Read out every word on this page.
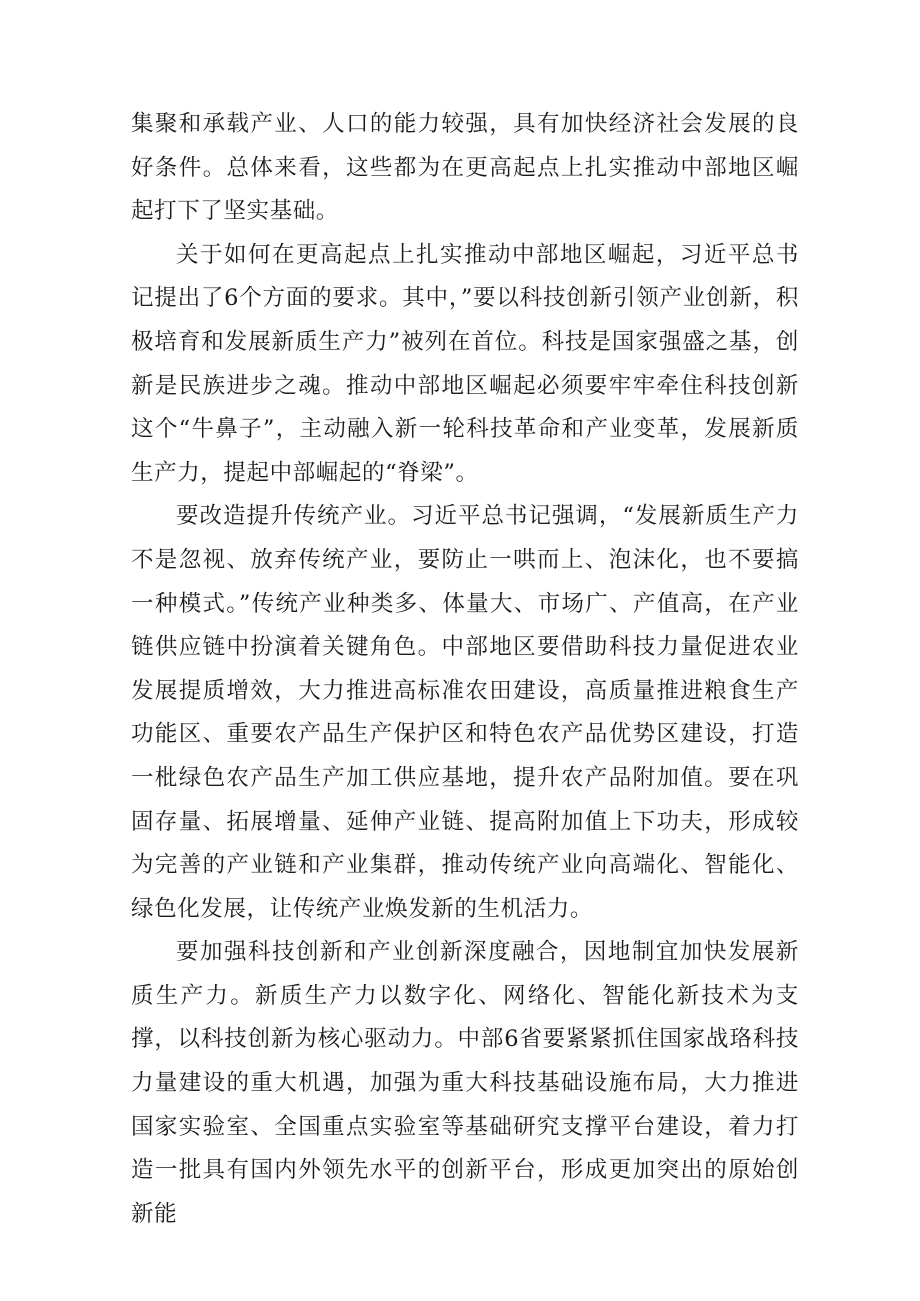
集聚和承载产业、人口的能力较强，具有加快经济社会发展的良好条件。总体来看，这些都为在更高起点上扎实推动中部地区崛起打下了坚实基础。

关于如何在更高起点上扎实推动中部地区崛起，习近平总书记提出了6个方面的要求。其中，”要以科技创新引领产业创新，积极培育和发展新质生产力”被列在首位。科技是国家强盛之基，创新是民族进步之魂。推动中部地区崛起必须要牢牢牵住科技创新这个“牛鼻子”，主动融入新一轮科技革命和产业变革，发展新质生产力，提起中部崛起的“脊梁”。

要改造提升传统产业。习近平总书记强调，“发展新质生产力不是忽视、放弃传统产业，要防止一哄而上、泡沫化，也不要搞一种模式。”传统产业种类多、体量大、市场广、产值高，在产业链供应链中扮演着关键角色。中部地区要借助科技力量促进农业发展提质增效，大力推进高标准农田建设，高质量推进粮食生产功能区、重要农产品生产保护区和特色农产品优势区建设，打造一枇绿色农产品生产加工供应基地，提升农产品附加值。要在巩固存量、拓展增量、延伸产业链、提高附加值上下功夫，形成较为完善的产业链和产业集群，推动传统产业向高端化、智能化、绿色化发展，让传统产业焕发新的生机活力。

要加强科技创新和产业创新深度融合，因地制宜加快发展新质生产力。新质生产力以数字化、网络化、智能化新技术为支撑，以科技创新为核心驱动力。中部6省要紧紧抓住国家战珞科技力量建设的重大机遇，加强为重大科技基础设施布局，大力推进国家实验室、全国重点实验室等基础研究支撑平台建设，着力打造一批具有国内外领先水平的创新平台，形成更加突出的原始创新能
